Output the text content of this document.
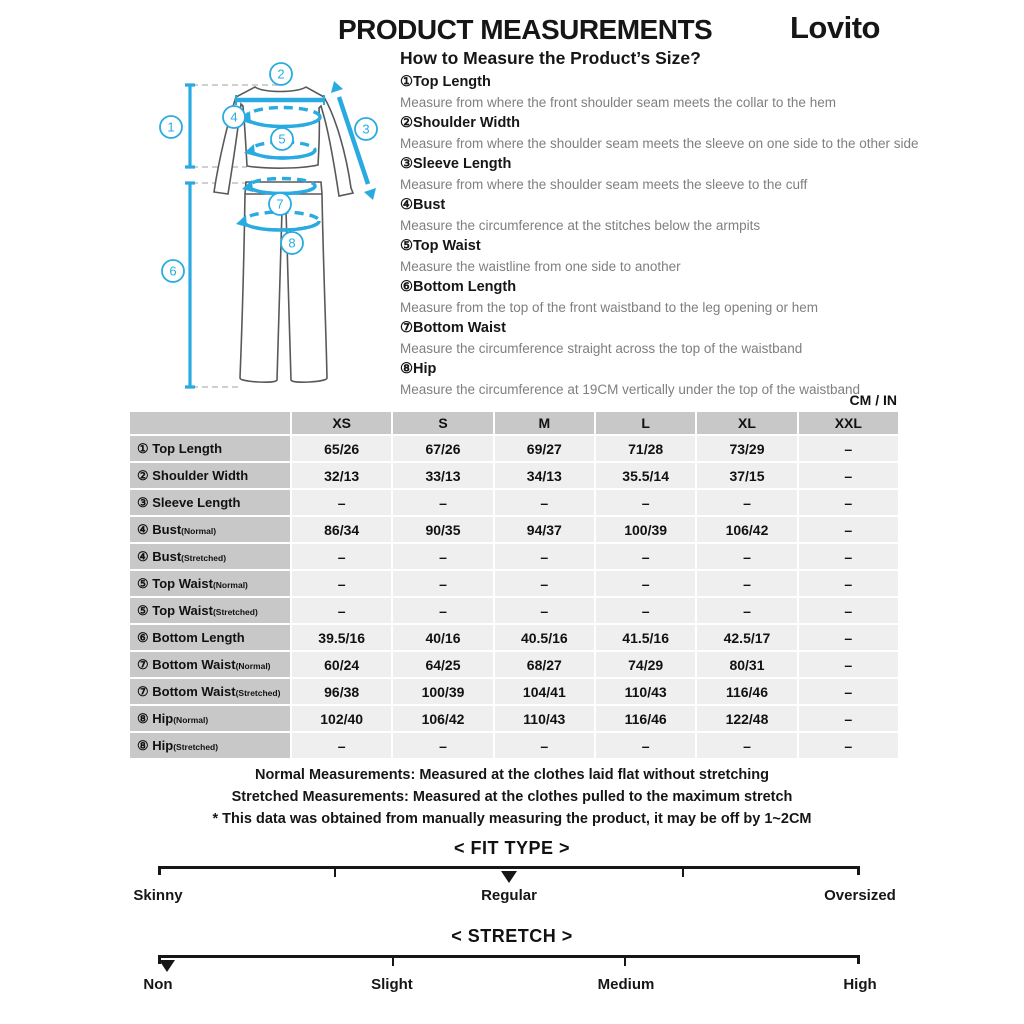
PRODUCT MEASUREMENTS	Lovito
1
2
3
4
5
6
7
8
How to Measure the Product’s Size?
①Top Length
Measure from where the front shoulder seam meets the collar to the hem
②Shoulder Width
Measure from where the shoulder seam meets the sleeve on one side to the other side
③Sleeve Length
Measure from where the shoulder seam meets the sleeve to the cuff
④Bust
Measure the circumference at the stitches below the armpits
⑤Top Waist
Measure the waistline from one side to another
⑥Bottom Length
Measure from the top of the front waistband to the leg opening or hem
⑦Bottom Waist
Measure the circumference straight across the top of the waistband
⑧Hip
Measure the circumference at 19CM vertically under the top of the waistband
CM / IN
	XS	S	M	L	XL	XXL
① Top Length	65/26	67/26	69/27	71/28	73/29	–
② Shoulder Width	32/13	33/13	34/13	35.5/14	37/15	–
③ Sleeve Length	–	–	–	–	–	–
④ Bust(Normal)	86/34	90/35	94/37	100/39	106/42	–
④ Bust(Stretched)	–	–	–	–	–	–
⑤ Top Waist(Normal)	–	–	–	–	–	–
⑤ Top Waist(Stretched)	–	–	–	–	–	–
⑥ Bottom Length	39.5/16	40/16	40.5/16	41.5/16	42.5/17	–
⑦ Bottom Waist(Normal)	60/24	64/25	68/27	74/29	80/31	–
⑦ Bottom Waist(Stretched)	96/38	100/39	104/41	110/43	116/46	–
⑧ Hip(Normal)	102/40	106/42	110/43	116/46	122/48	–
⑧ Hip(Stretched)	–	–	–	–	–	–
Normal Measurements: Measured at the clothes laid flat without stretching
Stretched Measurements: Measured at the clothes pulled to the maximum stretch
* This data was obtained from manually measuring the product, it may be off by 1~2CM
< FIT TYPE >
Skinny	Regular	Oversized
< STRETCH >
Non	Slight	Medium	High
